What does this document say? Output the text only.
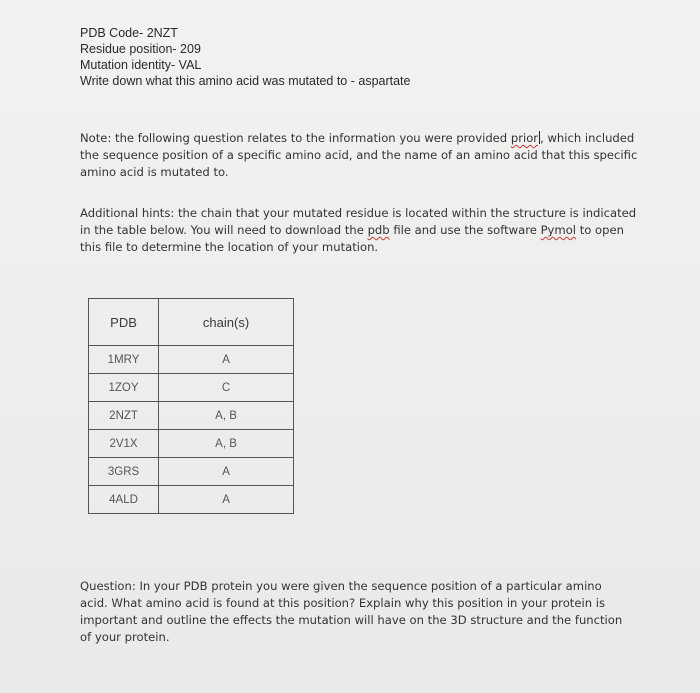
PDB Code- 2NZT
Residue position- 209
Mutation identity- VAL
Write down what this amino acid was mutated to - aspartate

Note: the following question relates to the information you were provided prior , which included the sequence position of a specific amino acid, and the name of an amino acid that this specific amino acid is mutated to.

Additional hints: the chain that your mutated residue is located within the structure is indicated in the table below. You will need to download the pdb file and use the software Pymol to open this file to determine the location of your mutation.

PDB	chain(s)
1MRY	A
1ZOY	C
2NZT	A, B
2V1X	A, B
3GRS	A
4ALD	A

Question: In your PDB protein you were given the sequence position of a particular amino acid. What amino acid is found at this position? Explain why this position in your protein is important and outline the effects the mutation will have on the 3D structure and the function of your protein.
